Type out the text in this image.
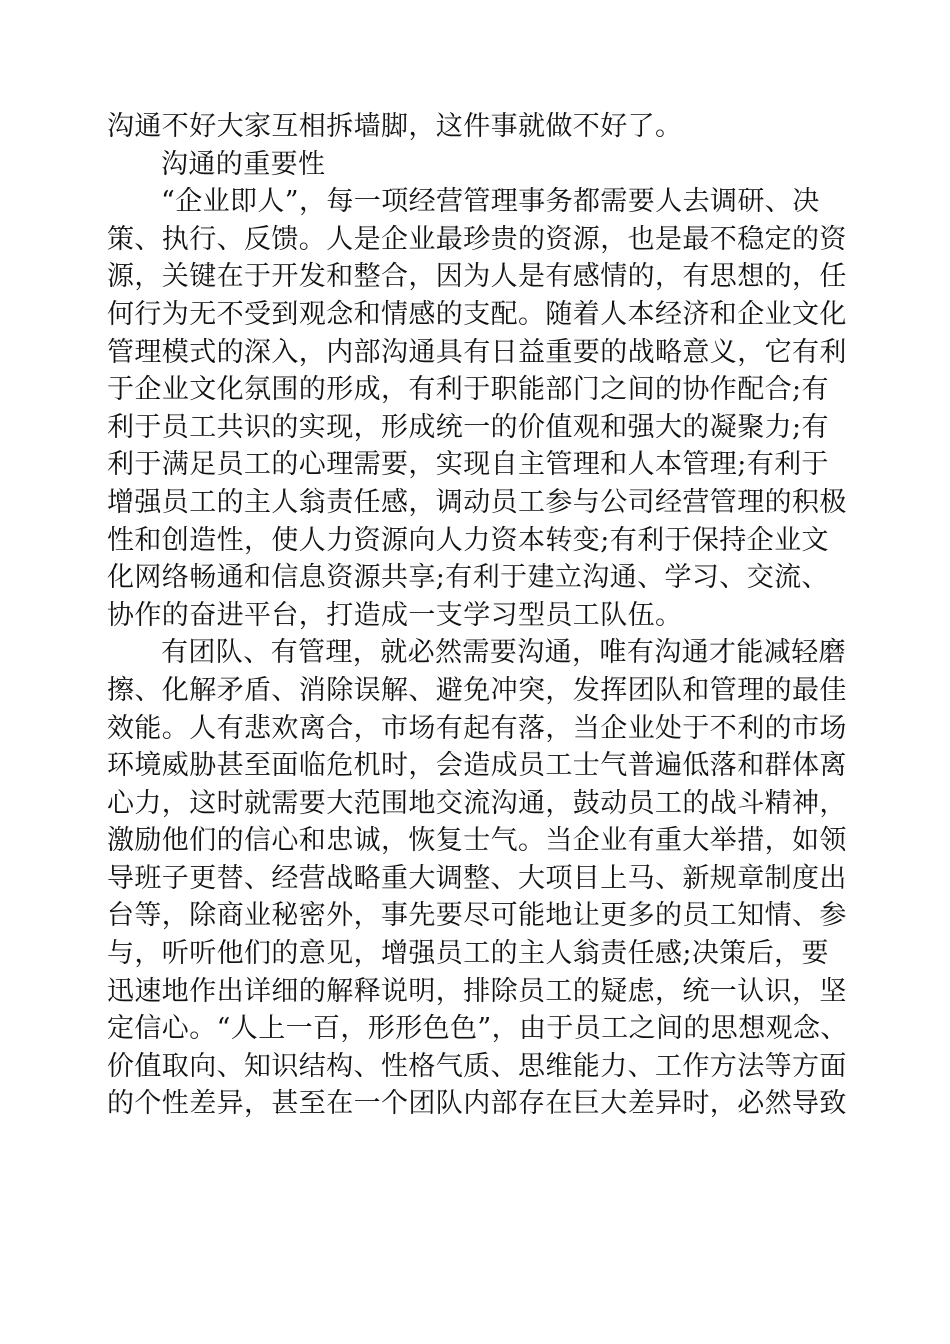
沟通不好大家互相拆墙脚，这件事就做不好了。
沟通的重要性
“企业即人”，每一项经营管理事务都需要人去调研、决
策、执行、反馈。人是企业最珍贵的资源，也是最不稳定的资
源，关键在于开发和整合，因为人是有感情的，有思想的，任
何行为无不受到观念和情感的支配。随着人本经济和企业文化
管理模式的深入，内部沟通具有日益重要的战略意义，它有利
于企业文化氛围的形成，有利于职能部门之间的协作配合;有
利于员工共识的实现，形成统一的价值观和强大的凝聚力;有
利于满足员工的心理需要，实现自主管理和人本管理;有利于
增强员工的主人翁责任感，调动员工参与公司经营管理的积极
性和创造性，使人力资源向人力资本转变;有利于保持企业文
化网络畅通和信息资源共享;有利于建立沟通、学习、交流、
协作的奋进平台，打造成一支学习型员工队伍。
有团队、有管理，就必然需要沟通，唯有沟通才能减轻磨
擦、化解矛盾、消除误解、避免冲突，发挥团队和管理的最佳
效能。人有悲欢离合，市场有起有落，当企业处于不利的市场
环境威胁甚至面临危机时，会造成员工士气普遍低落和群体离
心力，这时就需要大范围地交流沟通，鼓动员工的战斗精神，
激励他们的信心和忠诚，恢复士气。当企业有重大举措，如领
导班子更替、经营战略重大调整、大项目上马、新规章制度出
台等，除商业秘密外，事先要尽可能地让更多的员工知情、参
与，听听他们的意见，增强员工的主人翁责任感;决策后，要
迅速地作出详细的解释说明，排除员工的疑虑，统一认识，坚
定信心。“人上一百，形形色色”，由于员工之间的思想观念、
价值取向、知识结构、性格气质、思维能力、工作方法等方面
的个性差异，甚至在一个团队内部存在巨大差异时，必然导致
